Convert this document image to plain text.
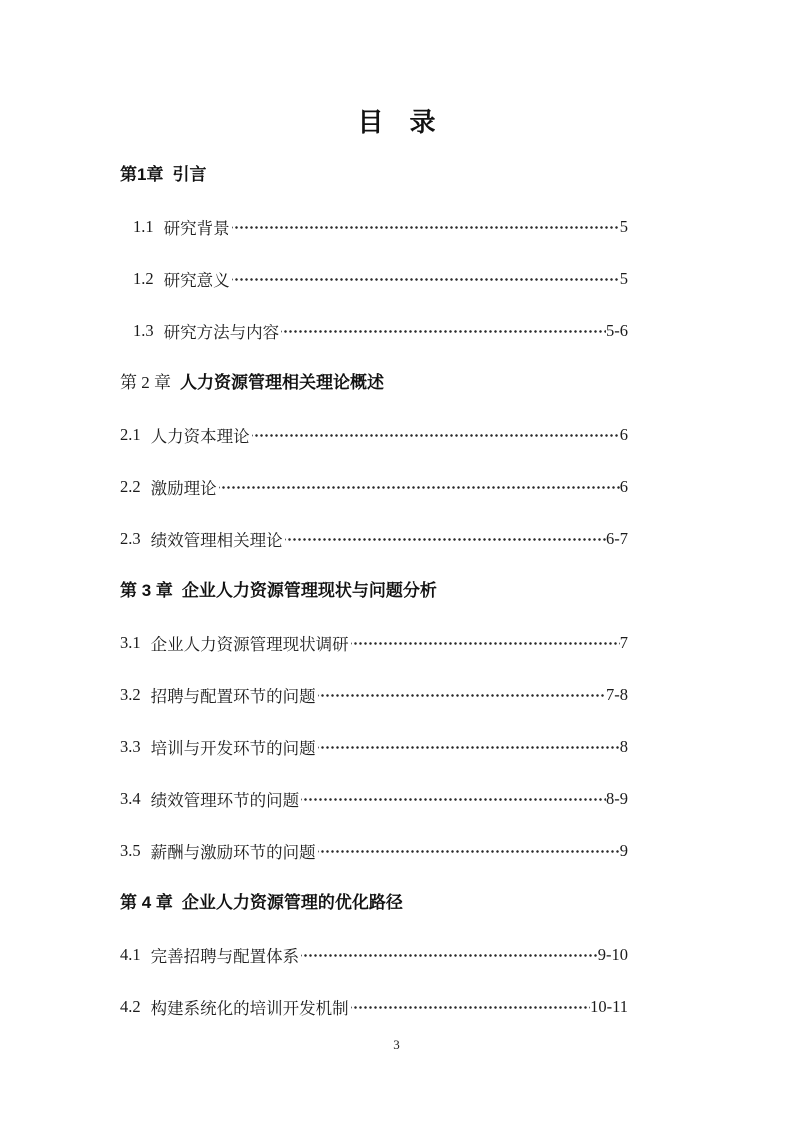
目　录
第1章 引言
1.1 研究背景	5
1.2 研究意义	5
1.3 研究方法与内容	5-6
第 2 章 人力资源管理相关理论概述
2.1 人力资本理论	6
2.2 激励理论	6
2.3 绩效管理相关理论	6-7
第 3 章 企业人力资源管理现状与问题分析
3.1 企业人力资源管理现状调研	7
3.2 招聘与配置环节的问题	7-8
3.3 培训与开发环节的问题	8
3.4 绩效管理环节的问题	8-9
3.5 薪酬与激励环节的问题	9
第 4 章 企业人力资源管理的优化路径
4.1 完善招聘与配置体系	9-10
4.2 构建系统化的培训开发机制	10-11
3
